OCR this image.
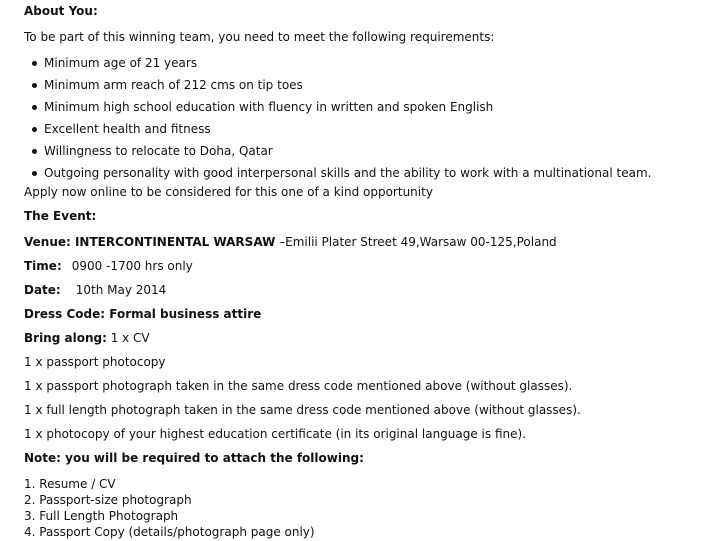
About You:
To be part of this winning team, you need to meet the following requirements:
Minimum age of 21 years
Minimum arm reach of 212 cms on tip toes
Minimum high school education with fluency in written and spoken English
Excellent health and fitness
Willingness to relocate to Doha, Qatar
Outgoing personality with good interpersonal skills and the ability to work with a multinational team.
Apply now online to be considered for this one of a kind opportunity
The Event:
Venue: INTERCONTINENTAL WARSAW –Emilii Plater Street 49,Warsaw 00-125,Poland
Time: 0900 -1700 hrs only
Date: 10th May 2014
Dress Code: Formal business attire
Bring along: 1 x CV
1 x passport photocopy
1 x passport photograph taken in the same dress code mentioned above (without glasses).
1 x full length photograph taken in the same dress code mentioned above (without glasses).
1 x photocopy of your highest education certificate (in its original language is fine).
Note: you will be required to attach the following:
1. Resume / CV
2. Passport-size photograph
3. Full Length Photograph
4. Passport Copy (details/photograph page only)
